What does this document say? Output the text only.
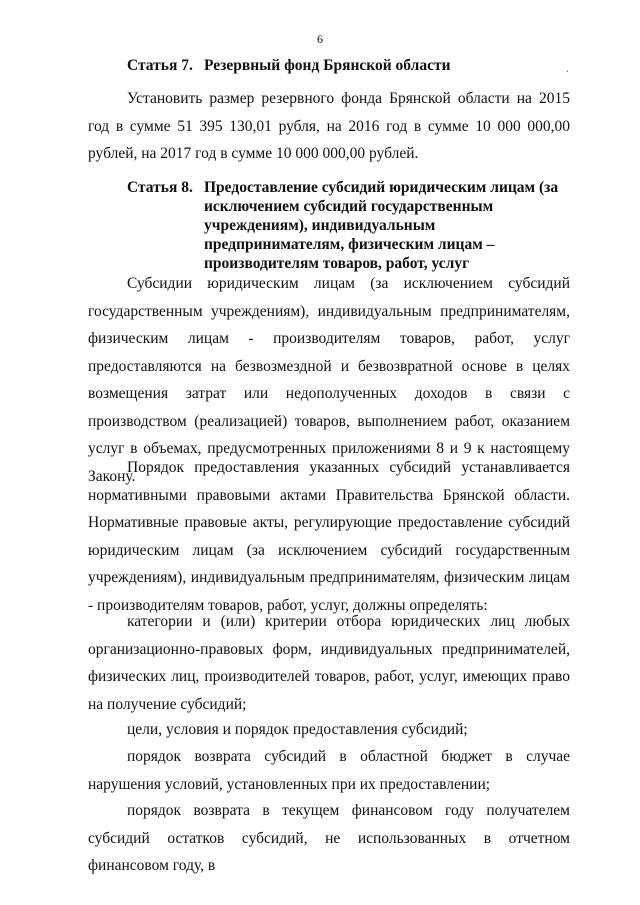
6
.
Статья 7. Резервный фонд Брянской области

Установить размер резервного фонда Брянской области на 2015 год в сумме 51 395 130,01 рубля, на 2016 год в сумме 10 000 000,00 рублей, на 2017 год в сумме 10 000 000,00 рублей.

Статья 8. Предоставление субсидий юридическим лицам (за исключением субсидий государственным учреждениям), индивидуальным предпринимателям, физическим лицам – производителям товаров, работ, услуг

Субсидии юридическим лицам (за исключением субсидий государственным учреждениям), индивидуальным предпринимателям, физическим лицам - производителям товаров, работ, услуг предоставляются на безвозмездной и безвозвратной основе в целях возмещения затрат или недополученных доходов в связи с производством (реализацией) товаров, выполнением работ, оказанием услуг в объемах, предусмотренных приложениями 8 и 9 к настоящему Закону.

Порядок предоставления указанных субсидий устанавливается нормативными правовыми актами Правительства Брянской области. Нормативные правовые акты, регулирующие предоставление субсидий юридическим лицам (за исключением субсидий государственным учреждениям), индивидуальным предпринимателям, физическим лицам - производителям товаров, работ, услуг, должны определять:

категории и (или) критерии отбора юридических лиц любых организационно-правовых форм, индивидуальных предпринимателей, физических лиц, производителей товаров, работ, услуг, имеющих право на получение субсидий;

цели, условия и порядок предоставления субсидий;

порядок возврата субсидий в областной бюджет в случае нарушения условий, установленных при их предоставлении;

порядок возврата в текущем финансовом году получателем субсидий остатков субсидий, не использованных в отчетном финансовом году, в
